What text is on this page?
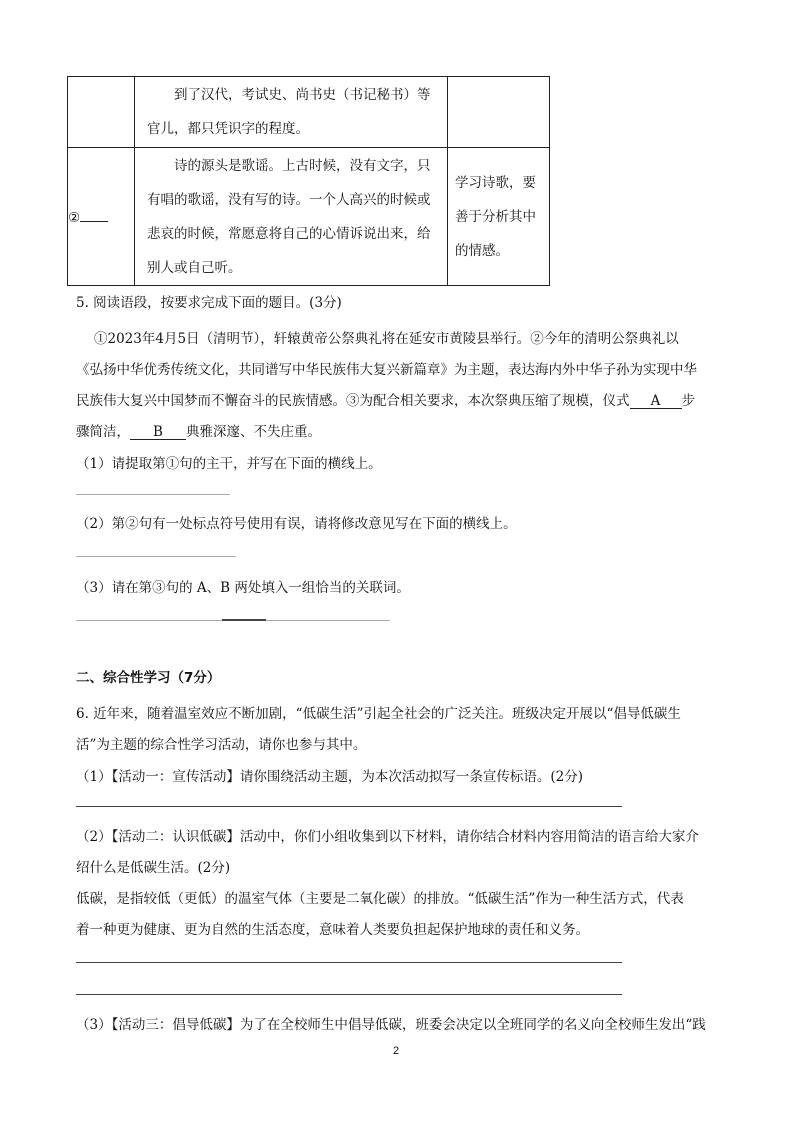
	到了汉代，考试史、尚书史（书记秘书）等官儿，都只凭识字的程度。	

②	诗的源头是歌谣。上古时候，没有文字，只有唱的歌谣，没有写的诗。一个人高兴的时候或悲哀的时候，常愿意将自己的心情诉说出来，给别人或自己听。	学习诗歌，要善于分析其中的情感。
5. 阅读语段，按要求完成下面的题目。(3分)
①2023年4月5日（清明节），轩辕黄帝公祭典礼将在延安市黄陵县举行。②今年的清明公祭典礼以
《弘扬中华优秀传统文化，共同谱写中华民族伟大复兴新篇章》为主题，表达海内外中华子孙为实现中华
民族伟大复兴中国梦而不懈奋斗的民族情感。③为配合相关要求，本次祭典压缩了规模，仪式 A 步
骤简洁， B 典雅深邃、不失庄重。
（1）请提取第①句的主干，并写在下面的横线上。
（2）第②句有一处标点符号使用有误，请将修改意见写在下面的横线上。
（3）请在第③句的 A、B 两处填入一组恰当的关联词。
二、综合性学习（7分）
6. 近年来，随着温室效应不断加剧，“低碳生活”引起全社会的广泛关注。班级决定开展以“倡导低碳生
活”为主题的综合性学习活动，请你也参与其中。
（1）【活动一：宣传活动】请你围绕活动主题，为本次活动拟写一条宣传标语。(2分)
（2）【活动二：认识低碳】活动中，你们小组收集到以下材料，请你结合材料内容用简洁的语言给大家介
绍什么是低碳生活。(2分)
低碳，是指较低（更低）的温室气体（主要是二氧化碳）的排放。“低碳生活”作为一种生活方式，代表
着一种更为健康、更为自然的生活态度，意味着人类要负担起保护地球的责任和义务。
（3）【活动三：倡导低碳】为了在全校师生中倡导低碳，班委会决定以全班同学的名义向全校师生发出“践
2
